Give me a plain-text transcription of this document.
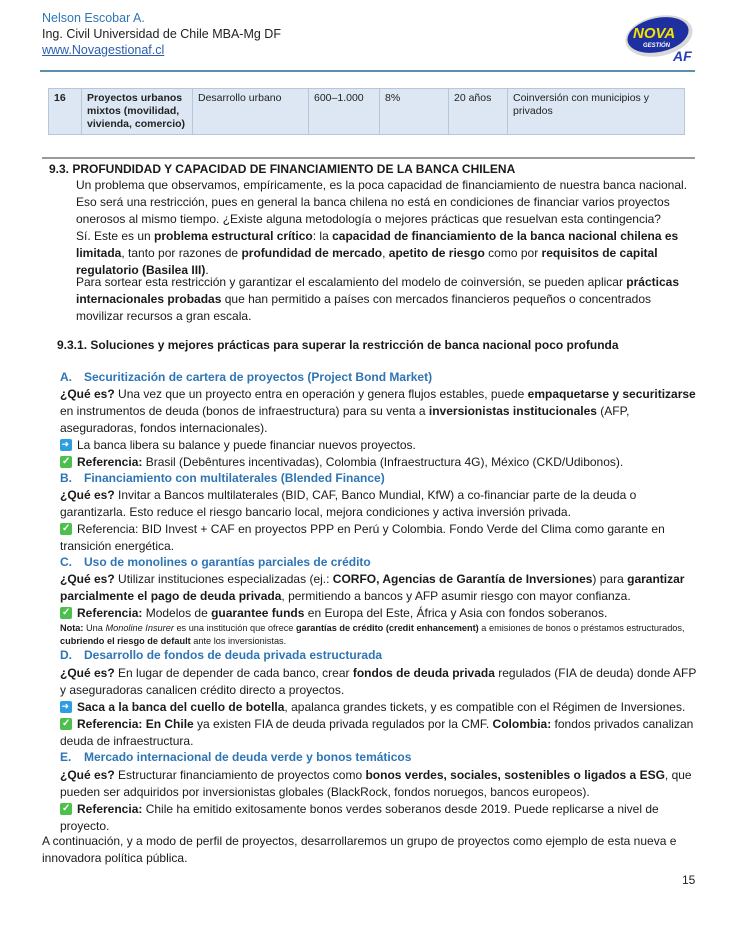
Nelson Escobar A.
Ing. Civil Universidad de Chile MBA-Mg DF
www.Novagestionaf.cl
NOVA
GESTIÓN
AF
16	Proyectos urbanos mixtos (movilidad, vivienda, comercio)	Desarrollo urbano	600–1.000	8%	20 años	Coinversión con municipios y privados
9.3. PROFUNDIDAD Y CAPACIDAD DE FINANCIAMIENTO DE LA BANCA CHILENA
Un problema que observamos, empíricamente, es la poca capacidad de financiamiento de nuestra banca nacional. Eso será una restricción, pues en general la banca chilena no está en condiciones de financiar varios proyectos onerosos al mismo tiempo. ¿Existe alguna metodología o mejores prácticas que resuelvan esta contingencia?
Sí. Este es un problema estructural crítico: la capacidad de financiamiento de la banca nacional chilena es limitada, tanto por razones de profundidad de mercado, apetito de riesgo como por requisitos de capital regulatorio (Basilea III).
Para sortear esta restricción y garantizar el escalamiento del modelo de coinversión, se pueden aplicar prácticas internacionales probadas que han permitido a países con mercados financieros pequeños o concentrados movilizar recursos a gran escala.
9.3.1. Soluciones y mejores prácticas para superar la restricción de banca nacional poco profunda
A. Securitización de cartera de proyectos (Project Bond Market)
¿Qué es? Una vez que un proyecto entra en operación y genera flujos estables, puede empaquetarse y securitizarse en instrumentos de deuda (bonos de infraestructura) para su venta a inversionistas institucionales (AFP, aseguradoras, fondos internacionales).
➜La banca libera su balance y puede financiar nuevos proyectos.
✓Referencia: Brasil (Debêntures incentivadas), Colombia (Infraestructura 4G), México (CKD/Udibonos).
B. Financiamiento con multilaterales (Blended Finance)
¿Qué es? Invitar a Bancos multilaterales (BID, CAF, Banco Mundial, KfW) a co-financiar parte de la deuda o garantizarla. Esto reduce el riesgo bancario local, mejora condiciones y activa inversión privada.
✓Referencia: BID Invest + CAF en proyectos PPP en Perú y Colombia. Fondo Verde del Clima como garante en transición energética.
C. Uso de monolines o garantías parciales de crédito
¿Qué es? Utilizar instituciones especializadas (ej.: CORFO, Agencias de Garantía de Inversiones) para garantizar parcialmente el pago de deuda privada, permitiendo a bancos y AFP asumir riesgo con mayor confianza.
✓Referencia: Modelos de guarantee funds en Europa del Este, África y Asia con fondos soberanos.
Nota: Una Monoline Insurer es una institución que ofrece garantías de crédito (credit enhancement) a emisiones de bonos o préstamos estructurados, cubriendo el riesgo de default ante los inversionistas.
D. Desarrollo de fondos de deuda privada estructurada
¿Qué es? En lugar de depender de cada banco, crear fondos de deuda privada regulados (FIA de deuda) donde AFP y aseguradoras canalicen crédito directo a proyectos.
➜Saca a la banca del cuello de botella, apalanca grandes tickets, y es compatible con el Régimen de Inversiones.
✓Referencia: En Chile ya existen FIA de deuda privada regulados por la CMF. Colombia: fondos privados canalizan deuda de infraestructura.
E. Mercado internacional de deuda verde y bonos temáticos
¿Qué es? Estructurar financiamiento de proyectos como bonos verdes, sociales, sostenibles o ligados a ESG, que pueden ser adquiridos por inversionistas globales (BlackRock, fondos noruegos, bancos europeos).
✓Referencia: Chile ha emitido exitosamente bonos verdes soberanos desde 2019. Puede replicarse a nivel de proyecto.
A continuación, y a modo de perfil de proyectos, desarrollaremos un grupo de proyectos como ejemplo de esta nueva e innovadora política pública.
15
